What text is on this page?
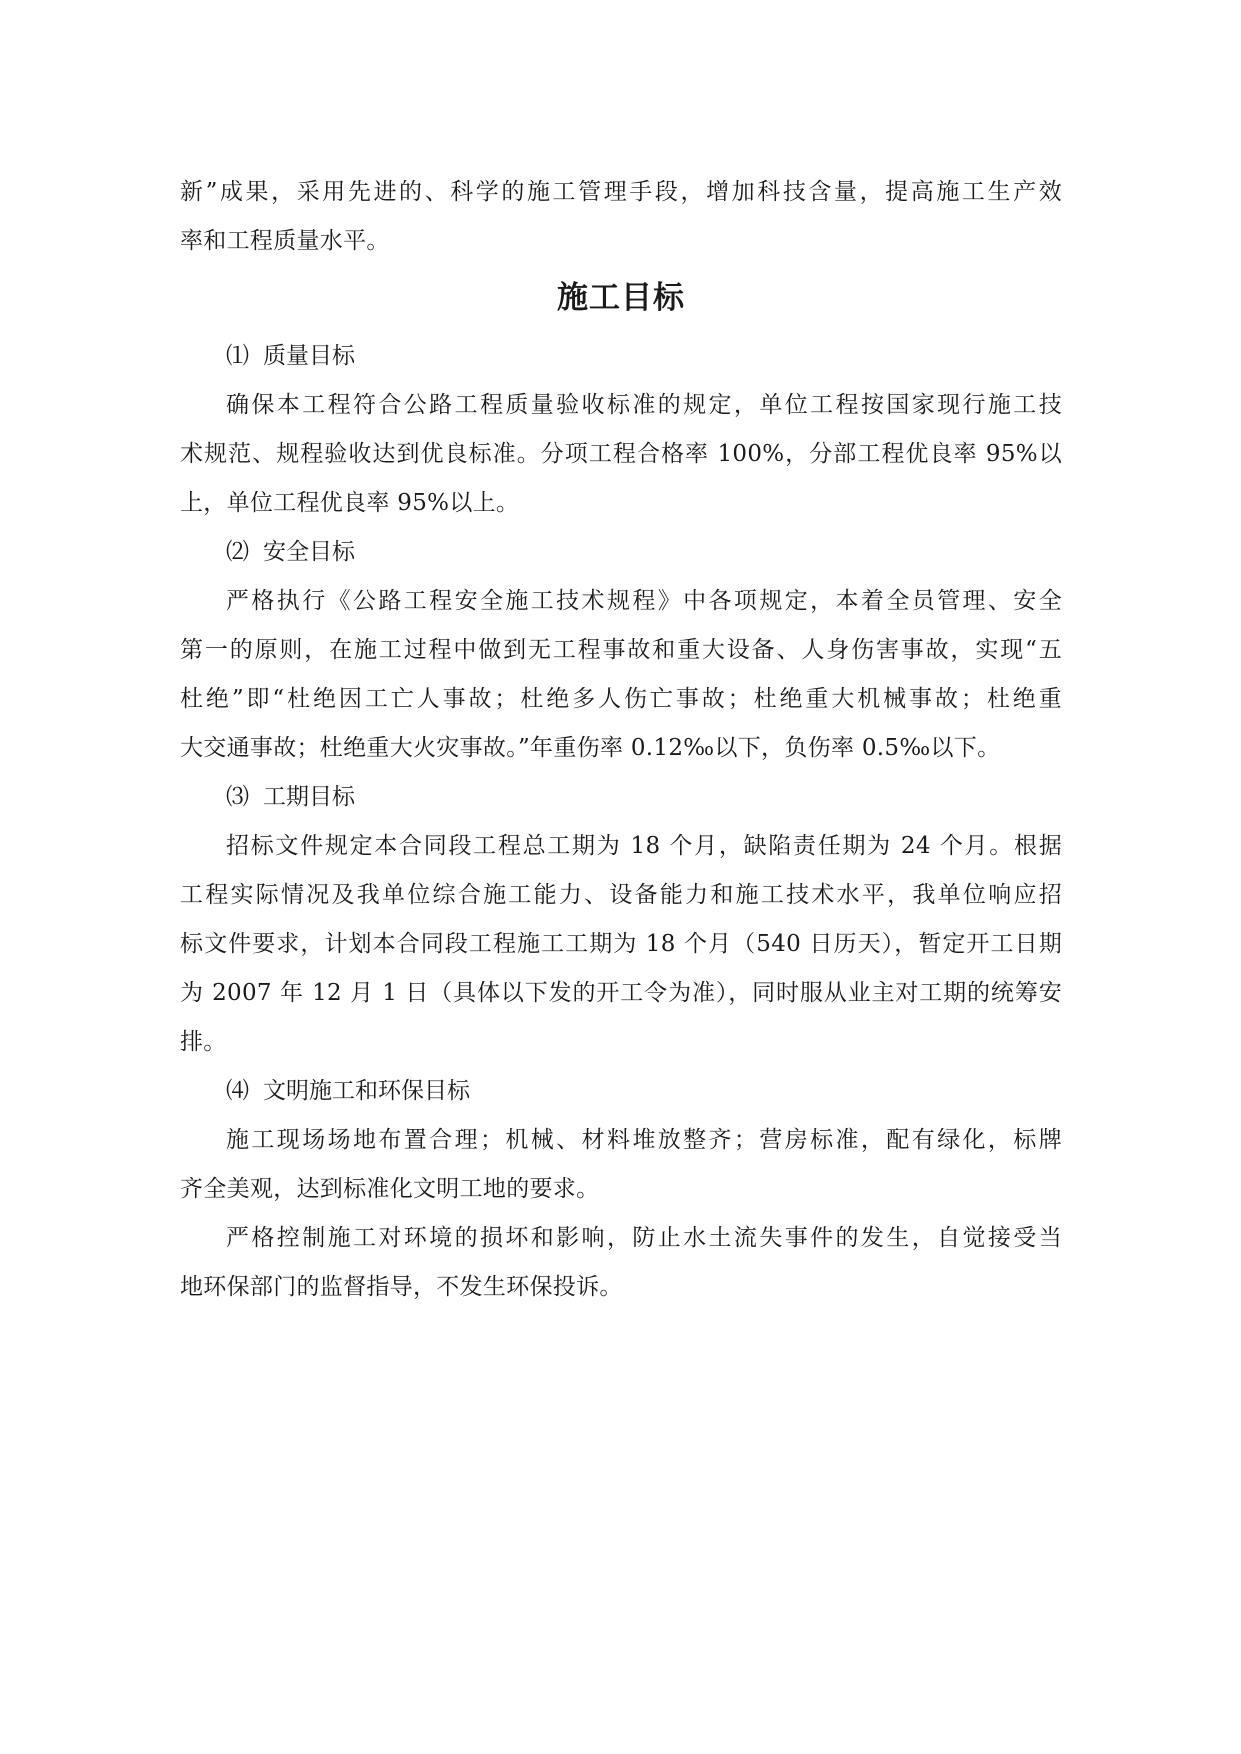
新”成果，采用先进的、科学的施工管理手段，增加科技含量，提高施工生产效

率和工程质量水平。

施工目标

⑴ 质量目标

确保本工程符合公路工程质量验收标准的规定，单位工程按国家现行施工技

术规范、规程验收达到优良标准。分项工程合格率 100%，分部工程优良率 95%以

上，单位工程优良率 95%以上。

⑵ 安全目标

严格执行《公路工程安全施工技术规程》中各项规定，本着全员管理、安全

第一的原则，在施工过程中做到无工程事故和重大设备、人身伤害事故，实现“五

杜绝”即“杜绝因工亡人事故；杜绝多人伤亡事故；杜绝重大机械事故；杜绝重

大交通事故；杜绝重大火灾事故。”年重伤率 0.12‰以下，负伤率 0.5‰以下。

⑶ 工期目标

招标文件规定本合同段工程总工期为 18 个月，缺陷责任期为 24 个月。根据

工程实际情况及我单位综合施工能力、设备能力和施工技术水平，我单位响应招

标文件要求，计划本合同段工程施工工期为 18 个月（540 日历天），暂定开工日期

为 2007 年 12 月 1 日（具体以下发的开工令为准），同时服从业主对工期的统筹安

排。

⑷ 文明施工和环保目标

施工现场场地布置合理；机械、材料堆放整齐；营房标准，配有绿化，标牌

齐全美观，达到标准化文明工地的要求。

严格控制施工对环境的损坏和影响，防止水土流失事件的发生，自觉接受当

地环保部门的监督指导，不发生环保投诉。
